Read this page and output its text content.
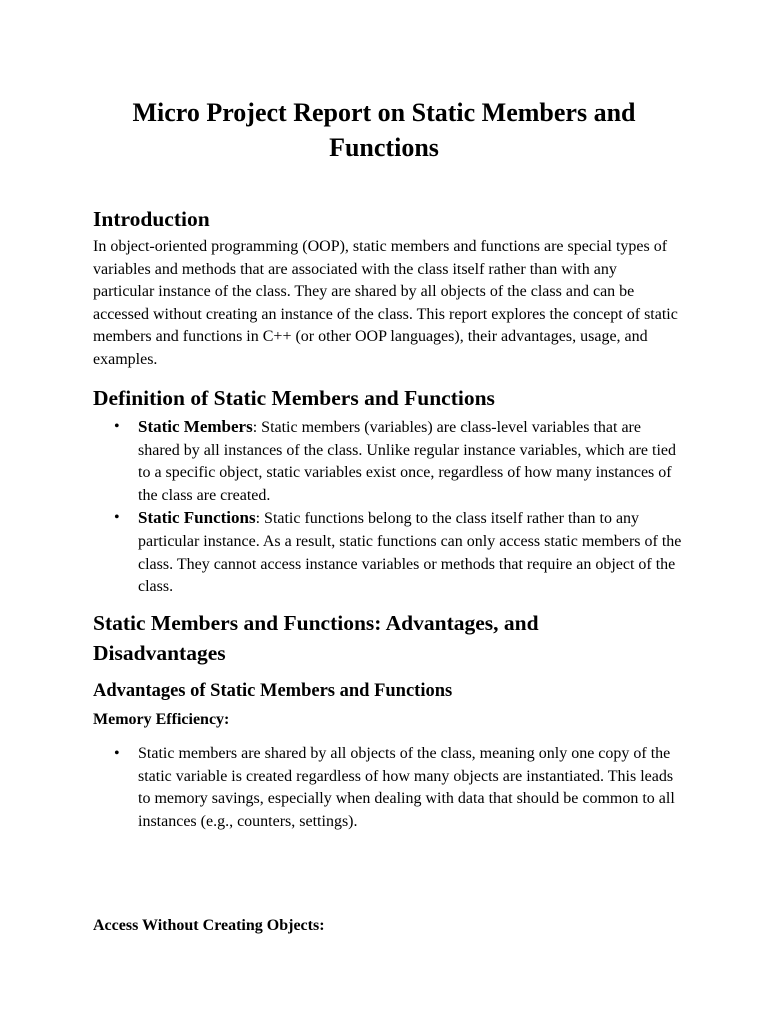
Micro Project Report on Static Members and Functions
Introduction

In object-oriented programming (OOP), static members and functions are special types of variables and methods that are associated with the class itself rather than with any particular instance of the class. They are shared by all objects of the class and can be accessed without creating an instance of the class. This report explores the concept of static members and functions in C++ (or other OOP languages), their advantages, usage, and examples.

Definition of Static Members and Functions
• Static Members: Static members (variables) are class-level variables that are shared by all instances of the class. Unlike regular instance variables, which are tied to a specific object, static variables exist once, regardless of how many instances of the class are created.
• Static Functions: Static functions belong to the class itself rather than to any particular instance. As a result, static functions can only access static members of the class. They cannot access instance variables or methods that require an object of the class.
Static Members and Functions: Advantages, and Disadvantages
Advantages of Static Members and Functions
Memory Efficiency:
• Static members are shared by all objects of the class, meaning only one copy of the static variable is created regardless of how many objects are instantiated. This leads to memory savings, especially when dealing with data that should be common to all instances (e.g., counters, settings).
Access Without Creating Objects:
